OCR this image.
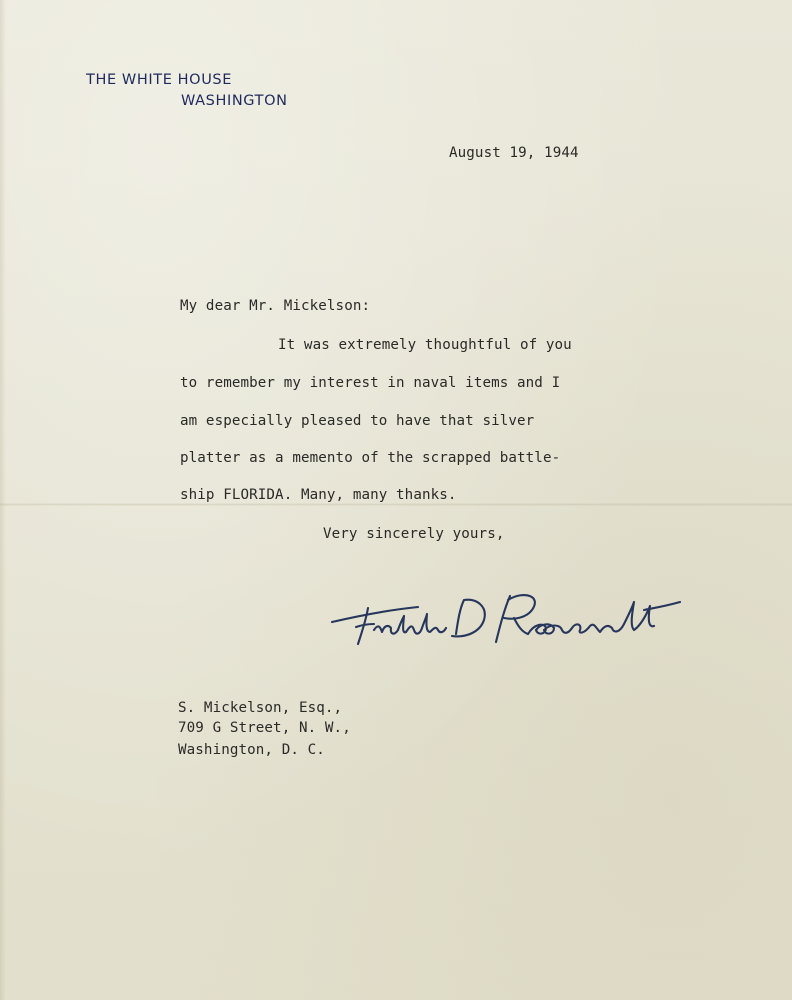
THE WHITE HOUSE
WASHINGTON
August 19, 1944
My dear Mr. Mickelson:
It was extremely thoughtful of you
to remember my interest in naval items and I
am especially pleased to have that silver
platter as a memento of the scrapped battle-
ship FLORIDA. Many, many thanks.
Very sincerely yours,
S. Mickelson, Esq.,
709 G Street, N. W.,
Washington, D. C.
